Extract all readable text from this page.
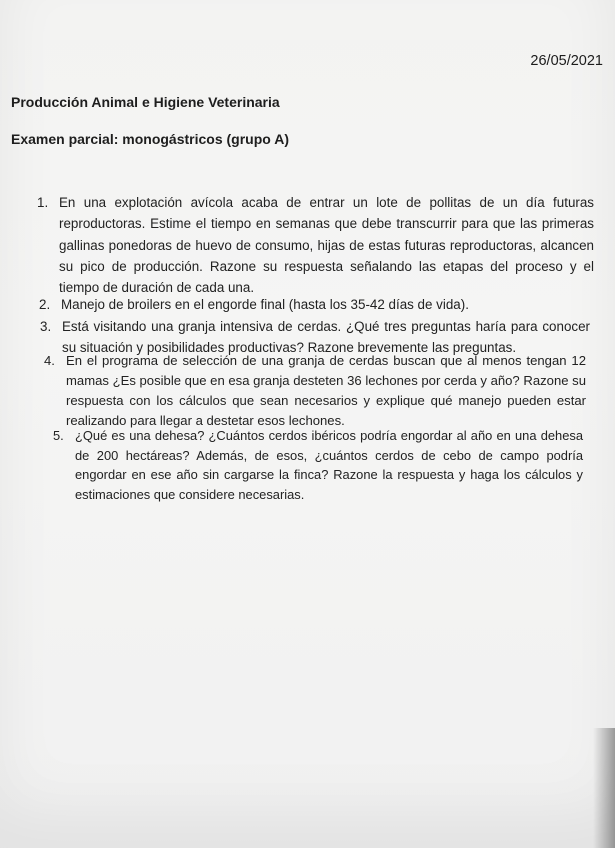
26/05/2021
Producción Animal e Higiene Veterinaria
Examen parcial: monogástricos (grupo A)
1. En una explotación avícola acaba de entrar un lote de pollitas de un día futuras reproductoras. Estime el tiempo en semanas que debe transcurrir para que las primeras gallinas ponedoras de huevo de consumo, hijas de estas futuras reproductoras, alcancen su pico de producción. Razone su respuesta señalando las etapas del proceso y el tiempo de duración de cada una.
2. Manejo de broilers en el engorde final (hasta los 35-42 días de vida).
3. Está visitando una granja intensiva de cerdas. ¿Qué tres preguntas haría para conocer su situación y posibilidades productivas? Razone brevemente las preguntas.
4. En el programa de selección de una granja de cerdas buscan que al menos tengan 12 mamas ¿Es posible que en esa granja desteten 36 lechones por cerda y año? Razone su respuesta con los cálculos que sean necesarios y explique qué manejo pueden estar realizando para llegar a destetar esos lechones.
5. ¿Qué es una dehesa? ¿Cuántos cerdos ibéricos podría engordar al año en una dehesa de 200 hectáreas? Además, de esos, ¿cuántos cerdos de cebo de campo podría engordar en ese año sin cargarse la finca? Razone la respuesta y haga los cálculos y estimaciones que considere necesarias.
